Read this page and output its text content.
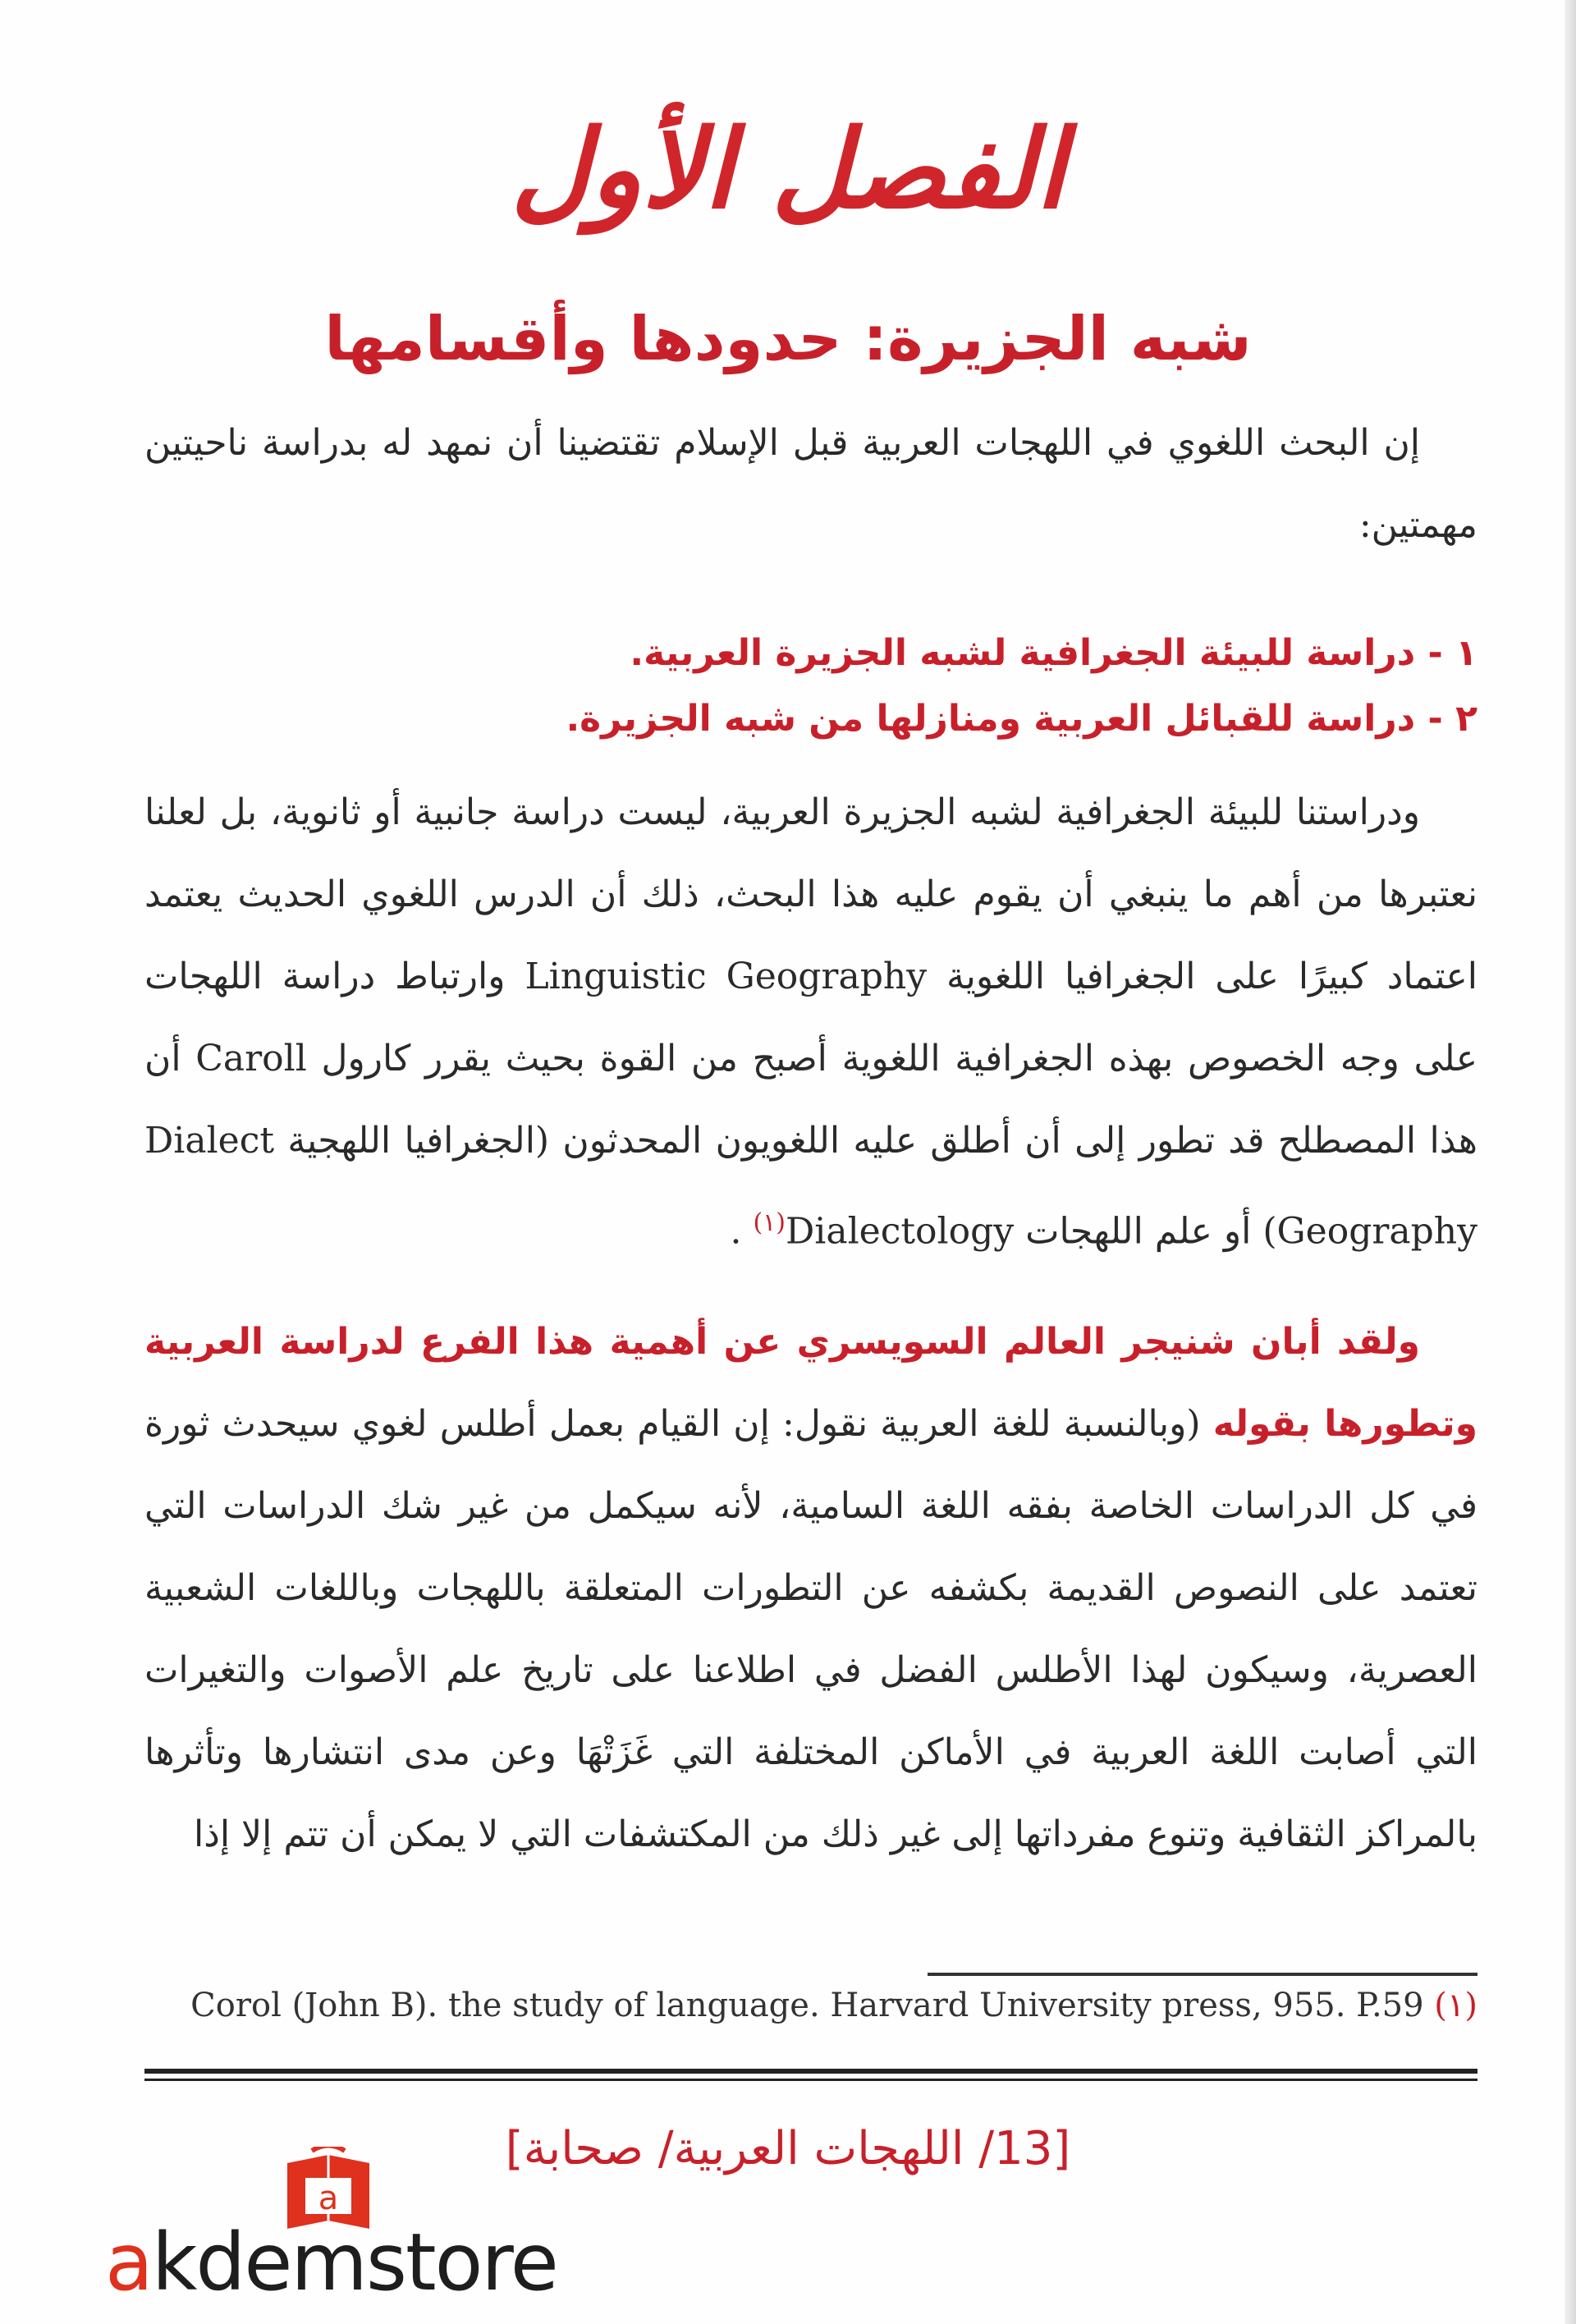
الفصل الأول
شبه الجزيرة: حدودها وأقسامها
إن البحث اللغوي في اللهجات العربية قبل الإسلام تقتضينا أن نمهد له بدراسة ناحيتين مهمتين:
١ - دراسة للبيئة الجغرافية لشبه الجزيرة العربية.
٢ - دراسة للقبائل العربية ومنازلها من شبه الجزيرة.
ودراستنا للبيئة الجغرافية لشبه الجزيرة العربية، ليست دراسة جانبية أو ثانوية، بل لعلنا نعتبرها من أهم ما ينبغي أن يقوم عليه هذا البحث، ذلك أن الدرس اللغوي الحديث يعتمد اعتماد كبيرًا على الجغرافيا اللغوية Linguistic Geography وارتباط دراسة اللهجات على وجه الخصوص بهذه الجغرافية اللغوية أصبح من القوة بحيث يقرر كارول Caroll أن هذا المصطلح قد تطور إلى أن أطلق عليه اللغويون المحدثون (الجغرافيا اللهجية Dialect Geography) أو علم اللهجات Dialectology$^{(١)}$ .
ولقد أبان شنيجر العالم السويسري عن أهمية هذا الفرع لدراسة العربية وتطورها بقوله (وبالنسبة للغة العربية نقول: إن القيام بعمل أطلس لغوي سيحدث ثورة في كل الدراسات الخاصة بفقه اللغة السامية، لأنه سيكمل من غير شك الدراسات التي تعتمد على النصوص القديمة بكشفه عن التطورات المتعلقة باللهجات وباللغات الشعبية العصرية، وسيكون لهذا الأطلس الفضل في اطلاعنا على تاريخ علم الأصوات والتغيرات التي أصابت اللغة العربية في الأماكن المختلفة التي غَزَتْهَا وعن مدى انتشارها وتأثرها بالمراكز الثقافية وتنوع مفرداتها إلى غير ذلك من المكتشفات التي لا يمكن أن تتم إلا إذا
Corol (John B). the study of language. Harvard University press, 955. P.59 (١)
[13/ اللهجات العربية/ صحابة]
a
akdemstore
